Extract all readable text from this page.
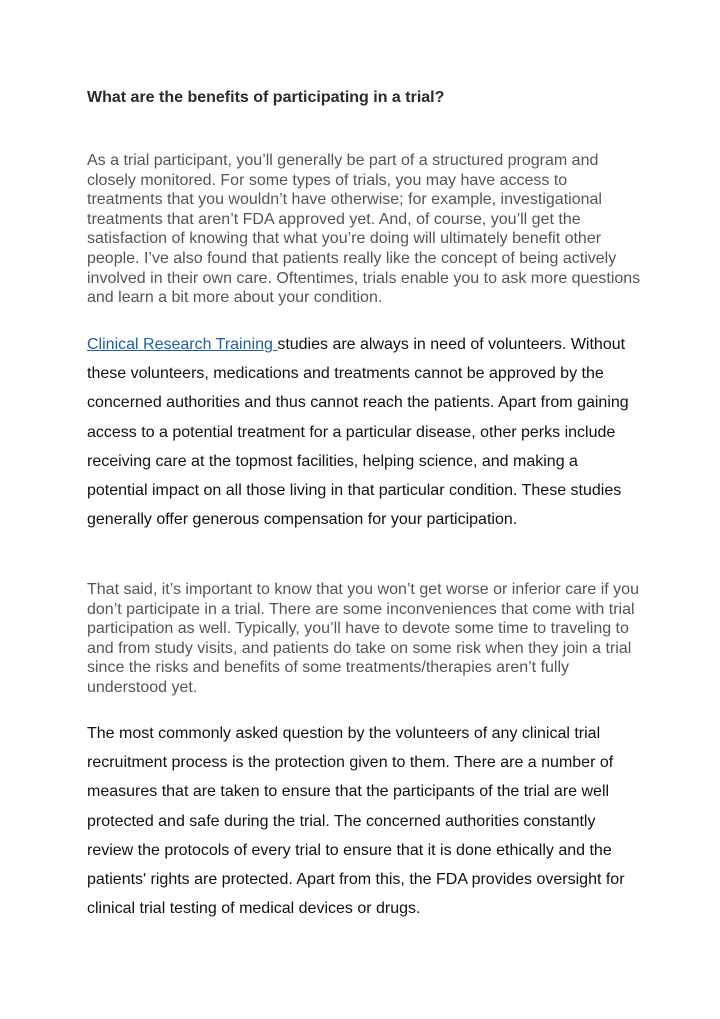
What are the benefits of participating in a trial?

As a trial participant, you’ll generally be part of a structured program and closely monitored. For some types of trials, you may have access to treatments that you wouldn’t have otherwise; for example, investigational treatments that aren’t FDA approved yet. And, of course, you’ll get the satisfaction of knowing that what you’re doing will ultimately benefit other people. I’ve also found that patients really like the concept of being actively involved in their own care. Oftentimes, trials enable you to ask more questions and learn a bit more about your condition.

Clinical Research Training studies are always in need of volunteers. Without these volunteers, medications and treatments cannot be approved by the concerned authorities and thus cannot reach the patients. Apart from gaining access to a potential treatment for a particular disease, other perks include receiving care at the topmost facilities, helping science, and making a potential impact on all those living in that particular condition. These studies generally offer generous compensation for your participation.

That said, it’s important to know that you won’t get worse or inferior care if you don’t participate in a trial. There are some inconveniences that come with trial participation as well. Typically, you’ll have to devote some time to traveling to and from study visits, and patients do take on some risk when they join a trial since the risks and benefits of some treatments/therapies aren’t fully understood yet.

The most commonly asked question by the volunteers of any clinical trial recruitment process is the protection given to them. There are a number of measures that are taken to ensure that the participants of the trial are well protected and safe during the trial. The concerned authorities constantly review the protocols of every trial to ensure that it is done ethically and the patients' rights are protected. Apart from this, the FDA provides oversight for clinical trial testing of medical devices or drugs.
